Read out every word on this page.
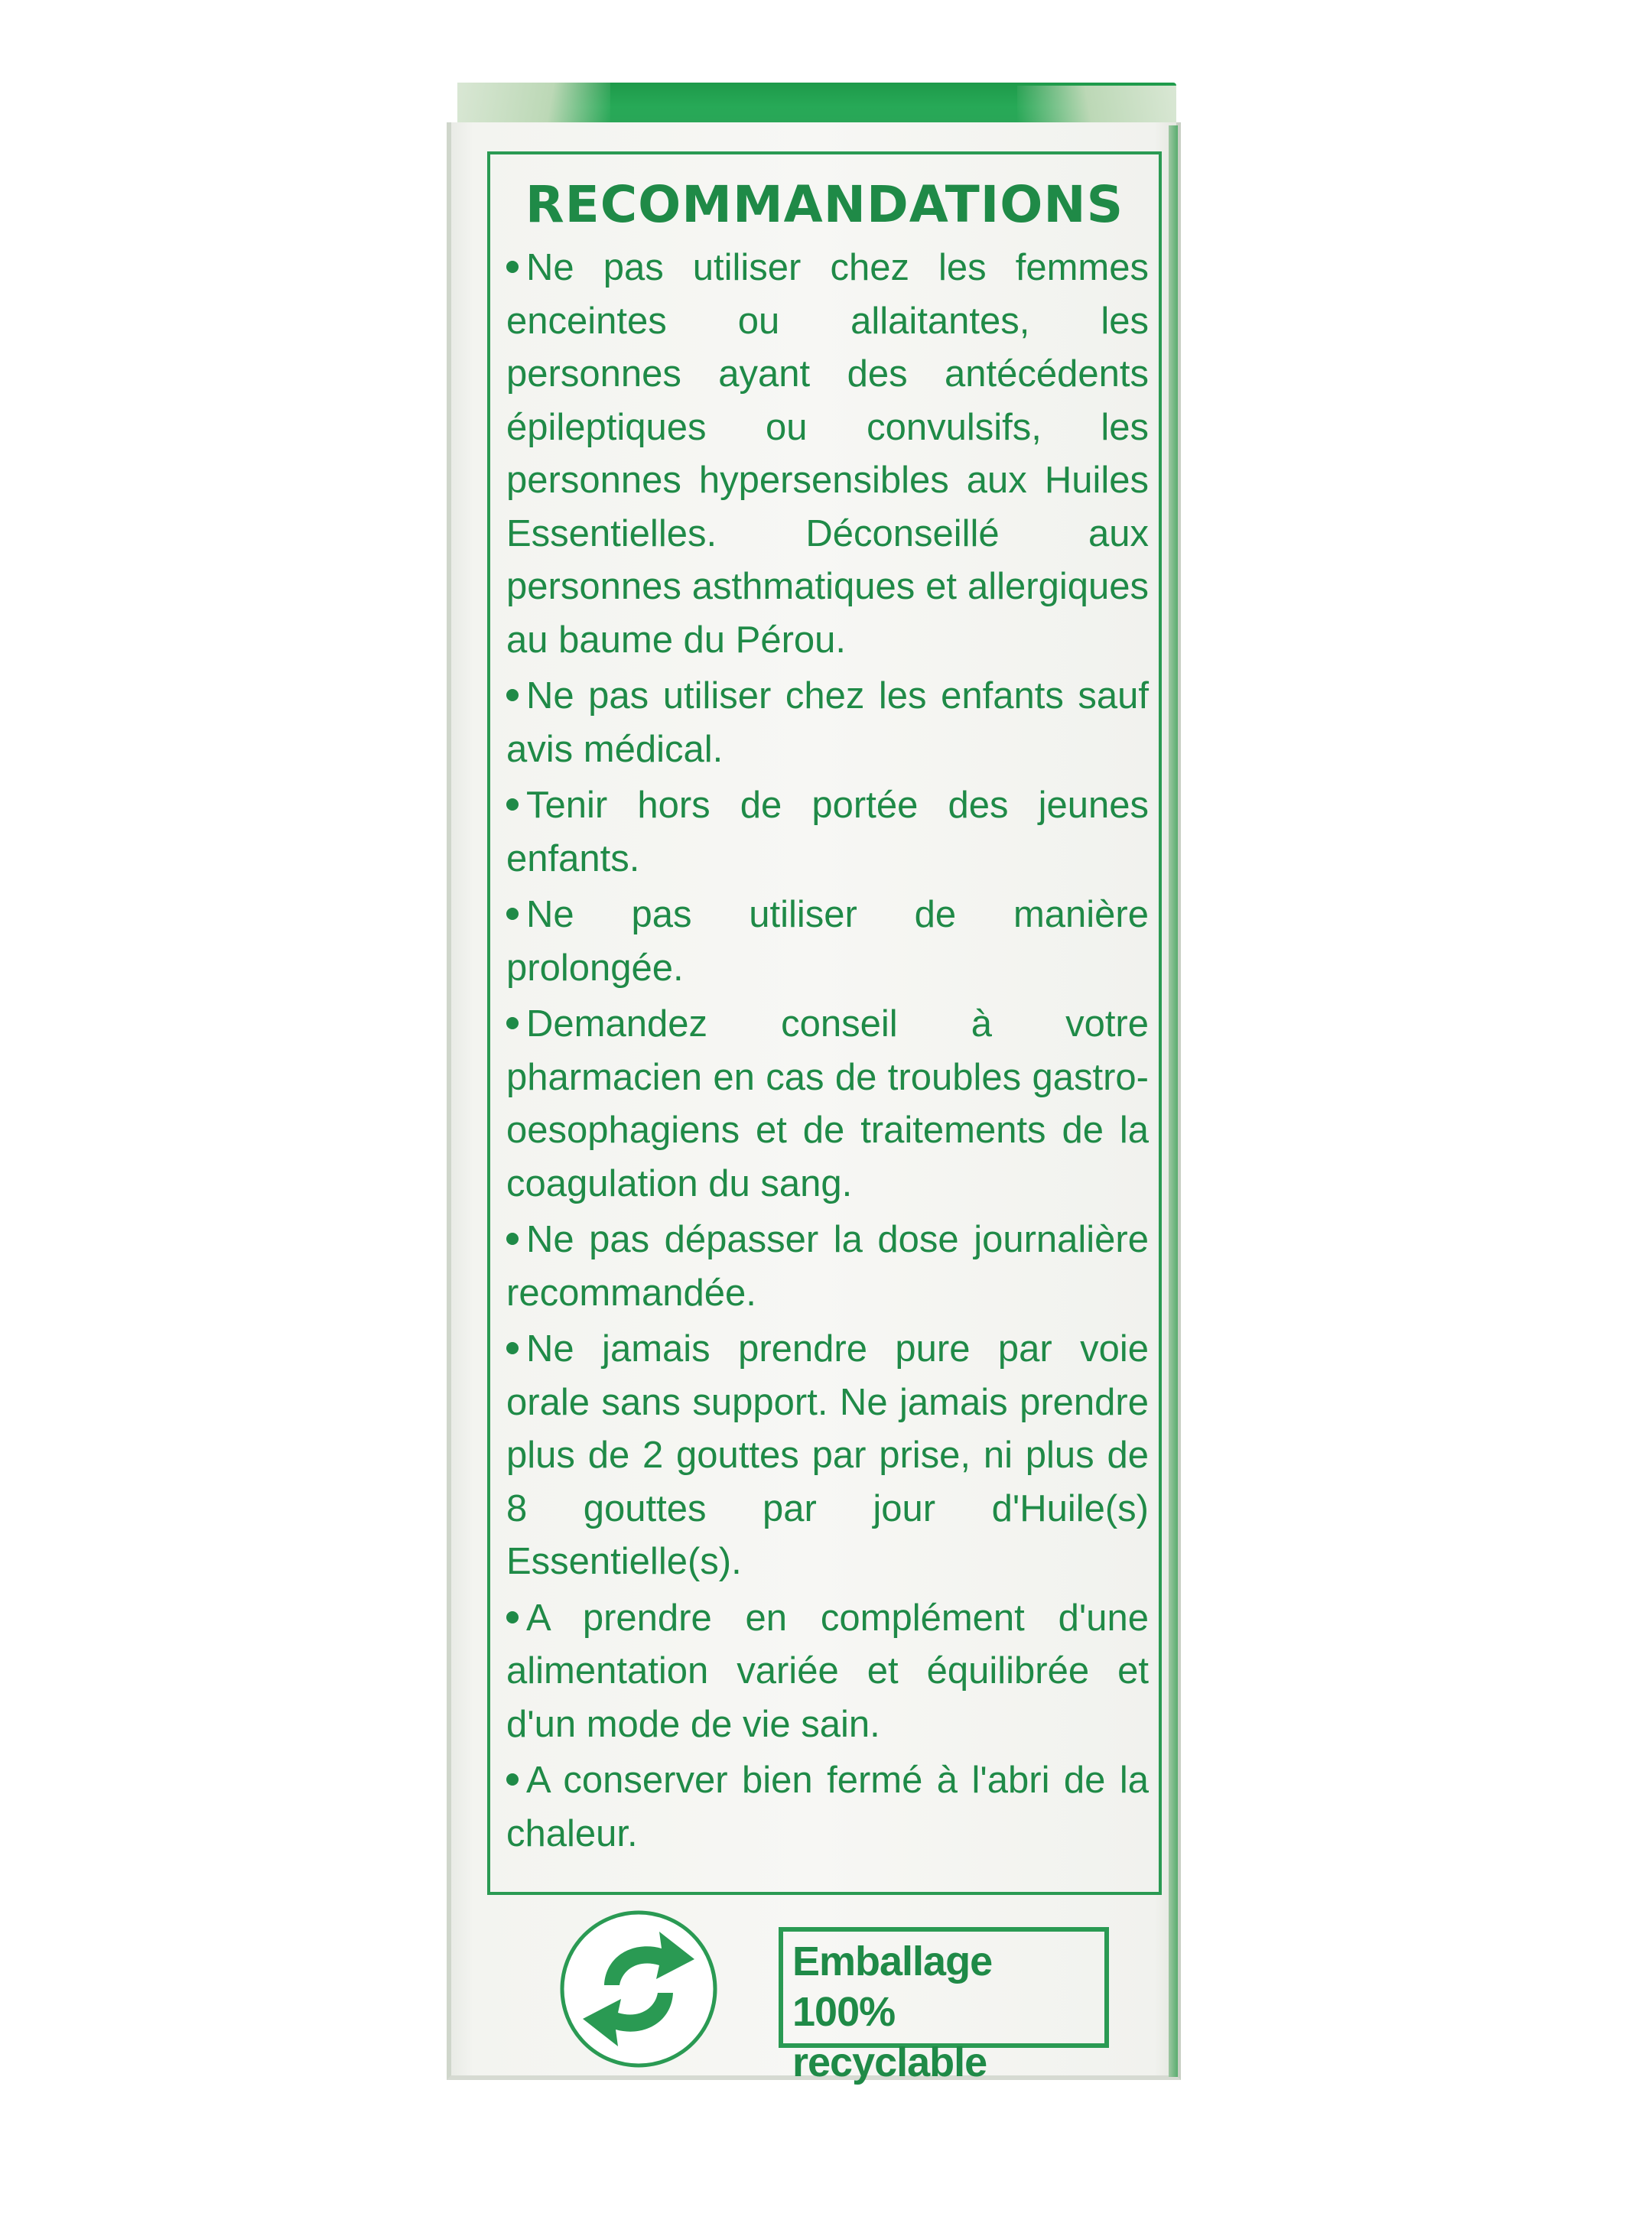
RECOMMANDATIONS
Ne pas utiliser chez les femmes enceintes ou allaitantes, les personnes ayant des antécédents épileptiques ou convulsifs, les personnes hypersensibles aux Huiles Essentielles. Déconseillé aux personnes asthmatiques et allergiques au baume du Pérou.
Ne pas utiliser chez les enfants sauf avis médical.
Tenir hors de portée des jeunes enfants.
Ne pas utiliser de manière prolongée.
Demandez conseil à votre pharmacien en cas de troubles gastro-oesophagiens et de traitements de la coagulation du sang.
Ne pas dépasser la dose journalière recommandée.
Ne jamais prendre pure par voie orale sans support. Ne jamais prendre plus de 2 gouttes par prise, ni plus de 8 gouttes par jour d'Huile(s) Essentielle(s).
A prendre en complément d'une alimentation variée et équilibrée et d'un mode de vie sain.
A conserver bien fermé à l'abri de la chaleur.
Emballage
100% recyclable
